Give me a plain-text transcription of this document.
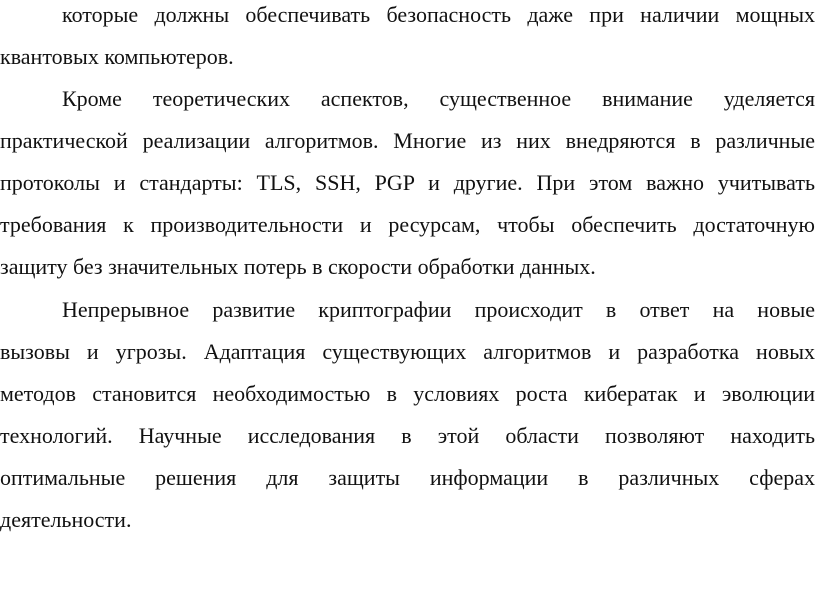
которые должны обеспечивать безопасность даже при наличии мощных
квантовых компьютеров.
Кроме теоретических аспектов, существенное внимание уделяется
практической реализации алгоритмов. Многие из них внедряются в различные
протоколы и стандарты: TLS, SSH, PGP и другие. При этом важно учитывать
требования к производительности и ресурсам, чтобы обеспечить достаточную
защиту без значительных потерь в скорости обработки данных.
Непрерывное развитие криптографии происходит в ответ на новые
вызовы и угрозы. Адаптация существующих алгоритмов и разработка новых
методов становится необходимостью в условиях роста кибератак и эволюции
технологий. Научные исследования в этой области позволяют находить
оптимальные решения для защиты информации в различных сферах
деятельности.
